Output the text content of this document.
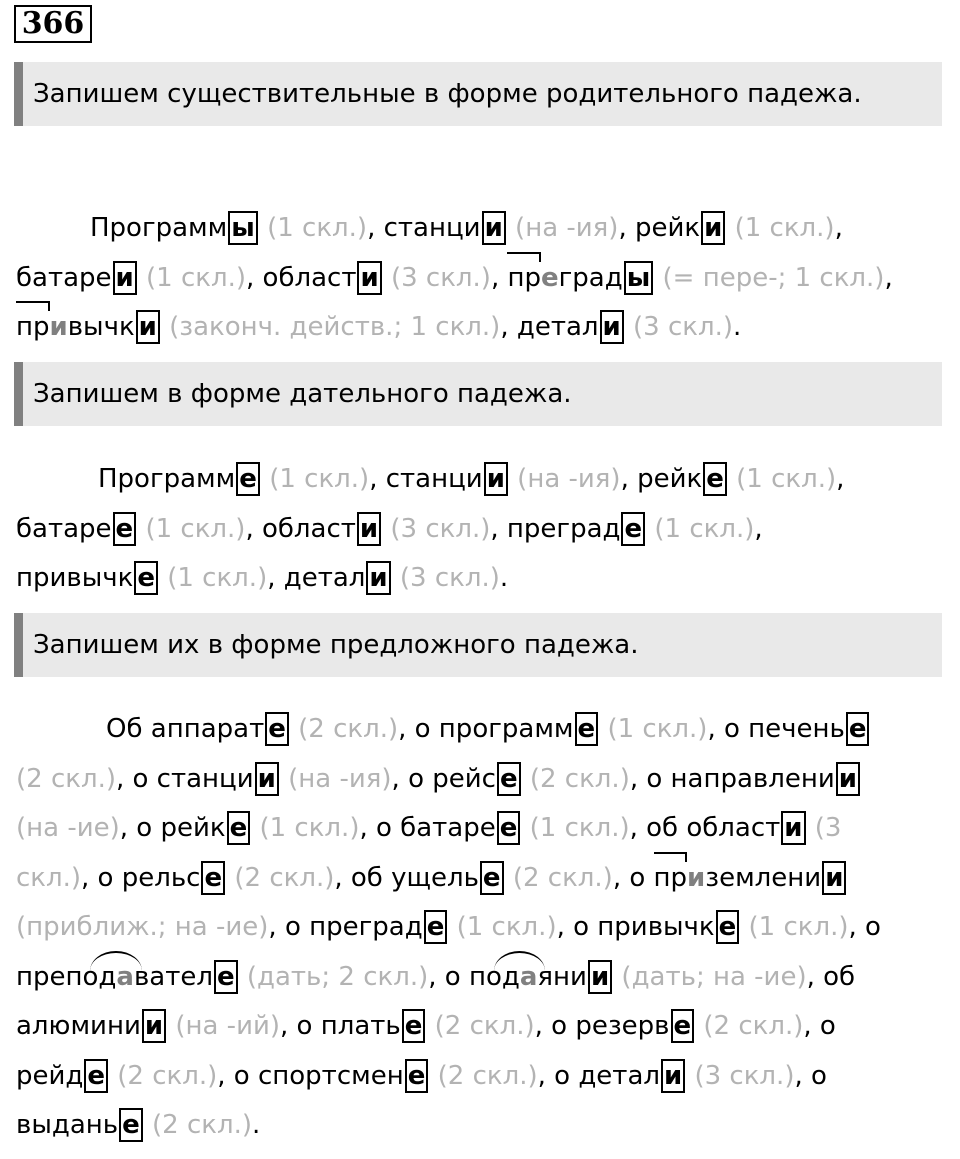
366
Запишем существительные в форме родительного падежа.
Программ ы (1 скл.), станци и (на -ия), рейк и (1 скл.),
батаре и (1 скл.), област и (3 скл.),
преград ы (= пере-; 1 скл.),

привычк и (законч. действ.; 1 скл.), детал и (3 скл.).
Запишем в форме дательного падежа.
Программ е (1 скл.), станци и (на -ия), рейк е (1 скл.),
батаре е (1 скл.), област и (3 скл.), преград е (1 скл.),
привычк е (1 скл.), детал и (3 скл.).
Запишем их в форме предложного падежа.
Об аппарат е (2 скл.), о программ е (1 скл.), о печень е
(2 скл.), о станци и (на -ия), о рейс е (2 скл.), о направлени и
(на -ие), о рейк е (1 скл.), о батаре е (1 скл.), об област и (3
скл.), о рельс е (2 скл.), об ущель е (2 скл.), о
приземлени и
(приближ.; на -ие), о преград е (1 скл.), о привычк е (1 скл.), о
препо
давател е (дать; 2 скл.), о по
даяни и (дать; на -ие), об
алюмини и (на -ий), о плать е (2 скл.), о резерв е (2 скл.), о
рейд е (2 скл.), о спортсмен е (2 скл.), о детал и (3 скл.), о
выдань е (2 скл.).
